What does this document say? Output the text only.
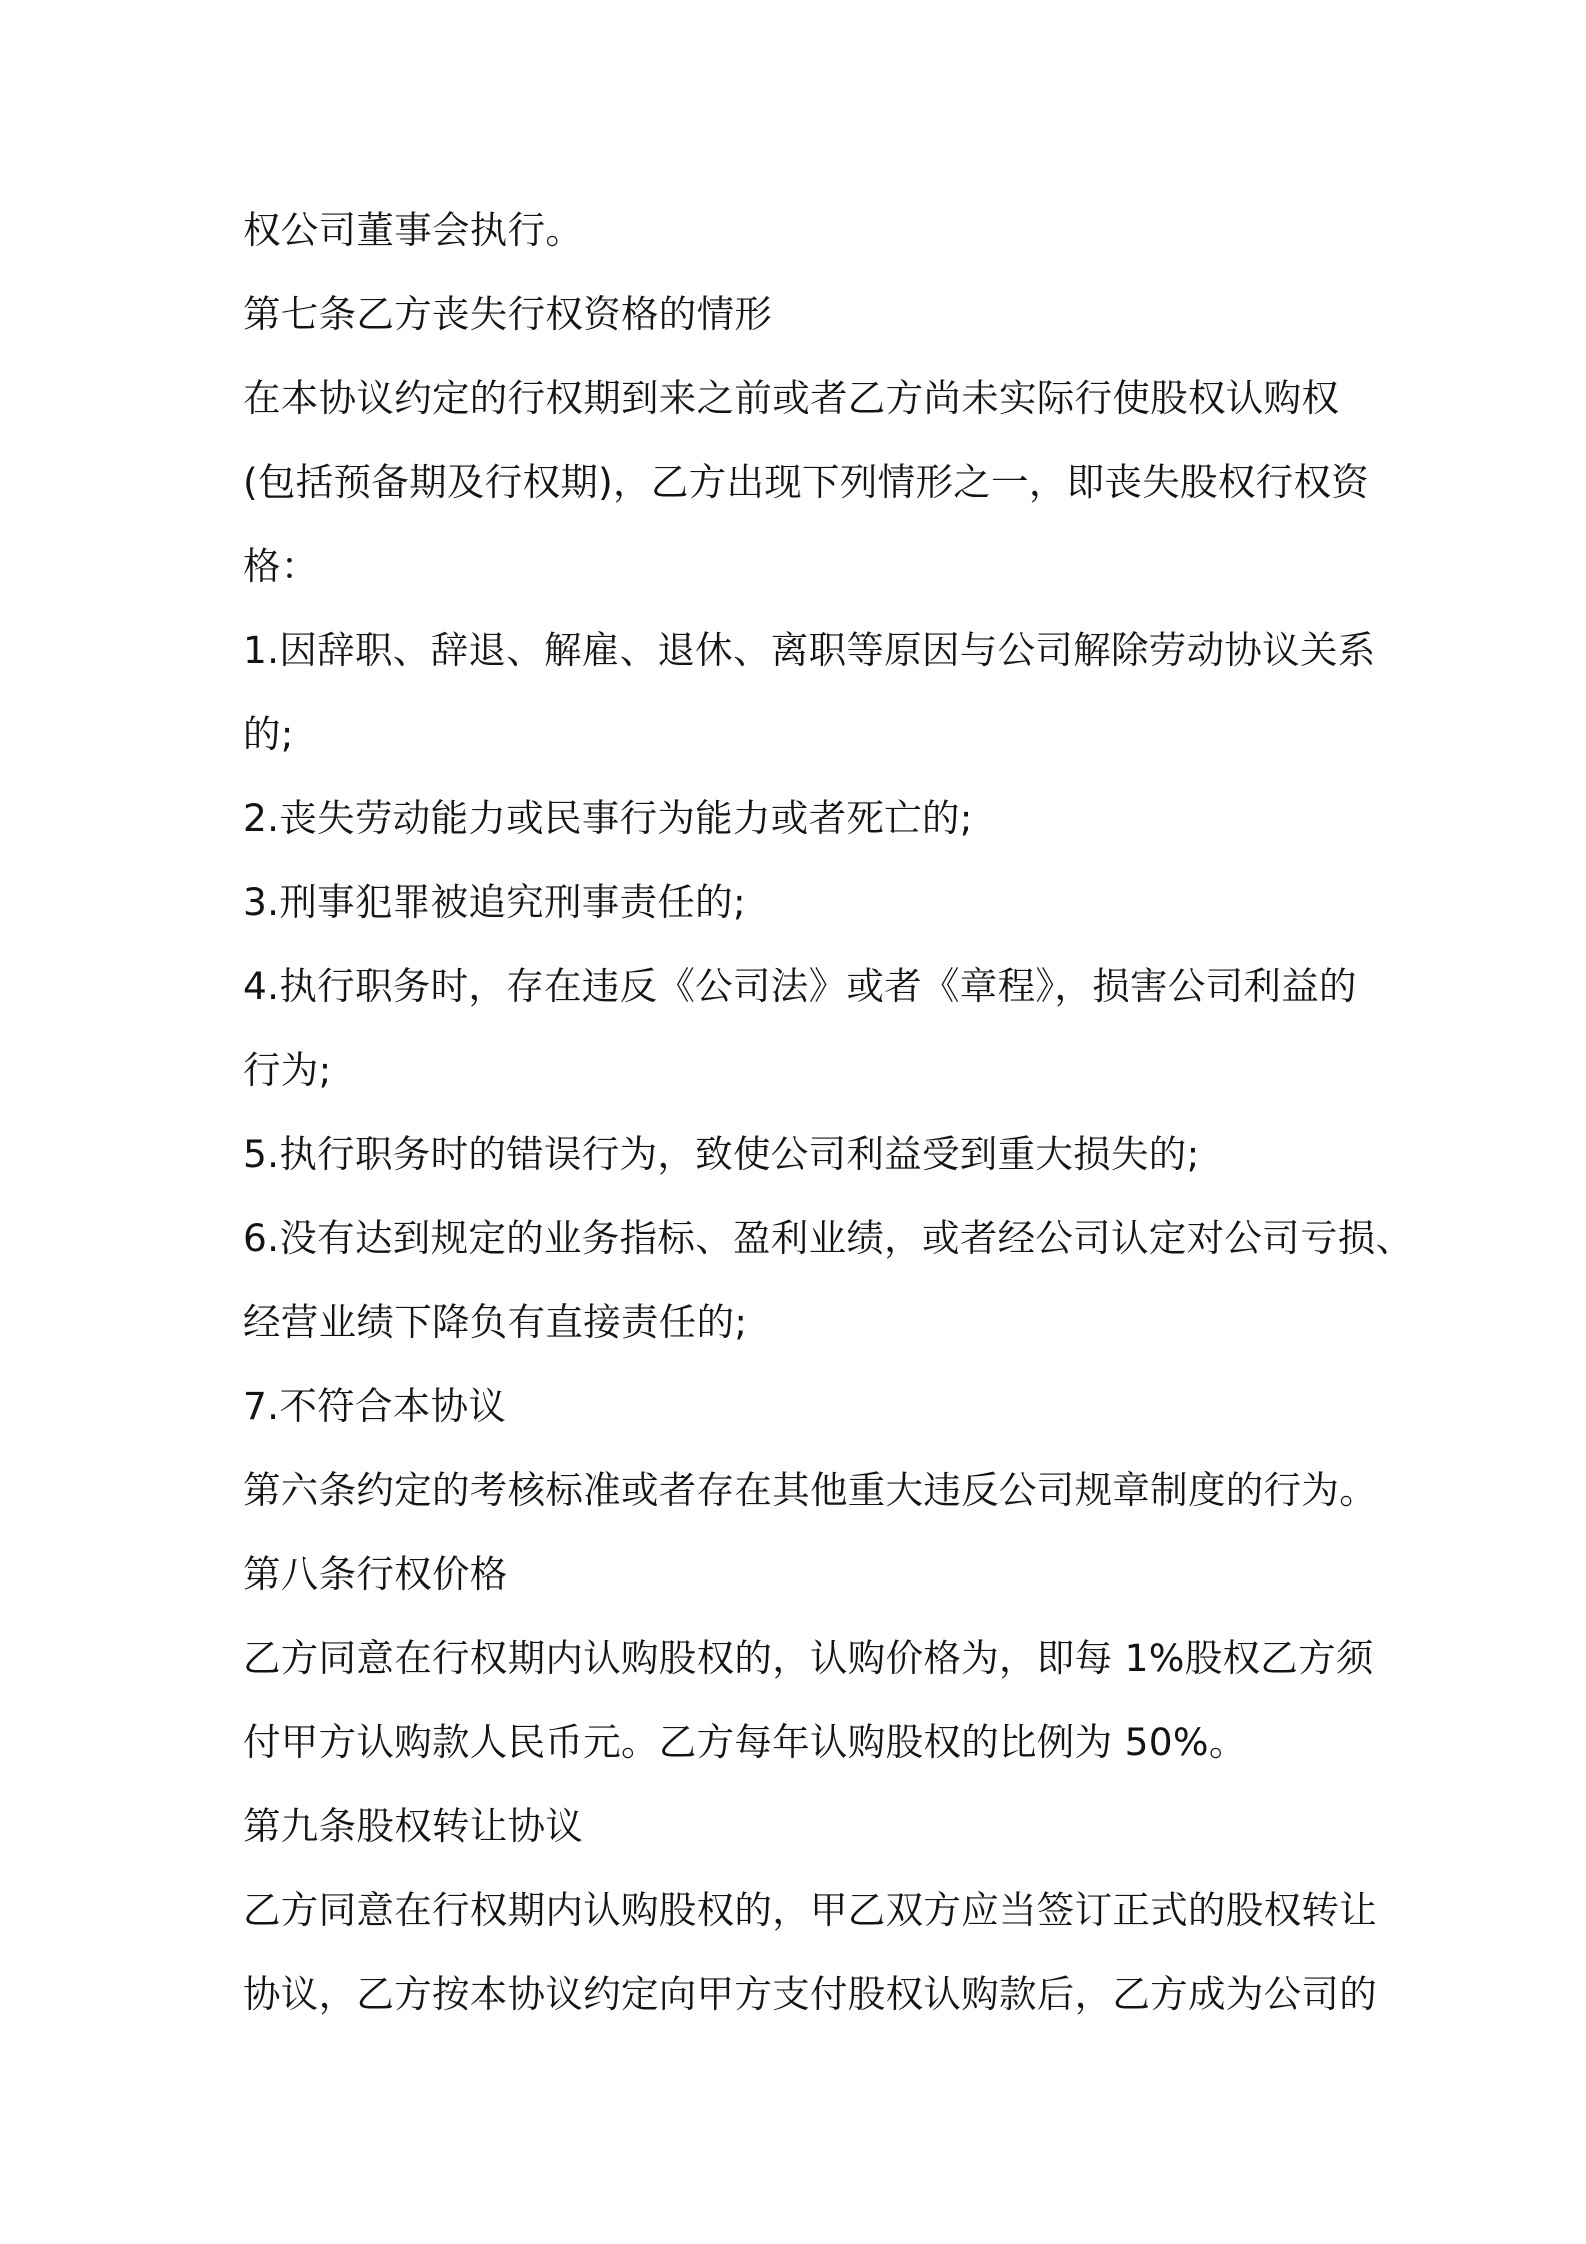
权公司董事会执行。
第七条乙方丧失行权资格的情形
在本协议约定的行权期到来之前或者乙方尚未实际行使股权认购权
(包括预备期及行权期)，乙方出现下列情形之一，即丧失股权行权资
格：
1.因辞职、辞退、解雇、退休、离职等原因与公司解除劳动协议关系
的;
2.丧失劳动能力或民事行为能力或者死亡的;
3.刑事犯罪被追究刑事责任的;
4.执行职务时，存在违反《公司法》或者《章程》，损害公司利益的
行为;
5.执行职务时的错误行为，致使公司利益受到重大损失的;
6.没有达到规定的业务指标、盈利业绩，或者经公司认定对公司亏损、
经营业绩下降负有直接责任的;
7.不符合本协议
第六条约定的考核标准或者存在其他重大违反公司规章制度的行为。
第八条行权价格
乙方同意在行权期内认购股权的，认购价格为，即每 1%股权乙方须
付甲方认购款人民币元。乙方每年认购股权的比例为 50%。
第九条股权转让协议
乙方同意在行权期内认购股权的，甲乙双方应当签订正式的股权转让
协议，乙方按本协议约定向甲方支付股权认购款后，乙方成为公司的
